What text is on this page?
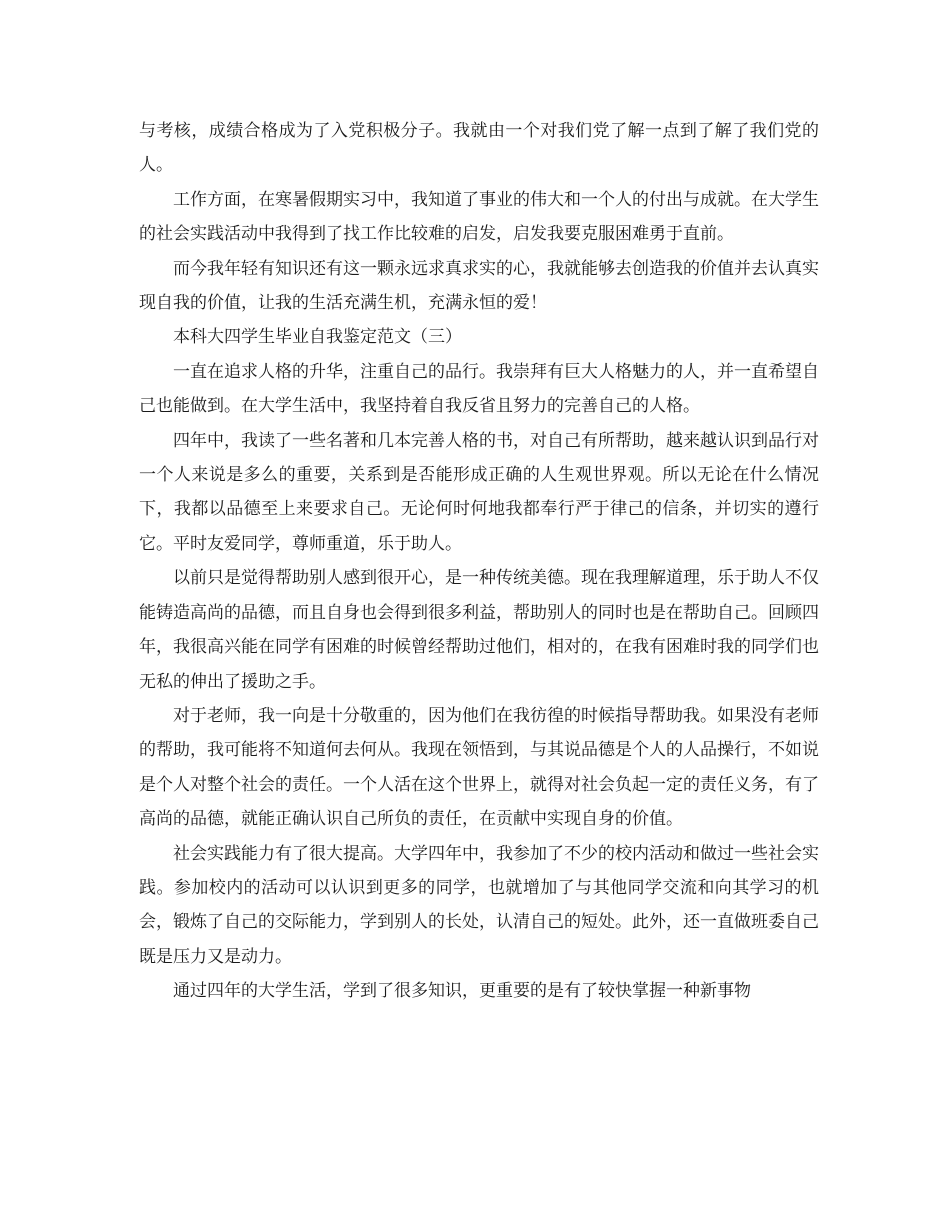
与考核，成绩合格成为了入党积极分子。我就由一个对我们党了解一点到了解了我们党的人。

工作方面，在寒暑假期实习中，我知道了事业的伟大和一个人的付出与成就。在大学生的社会实践活动中我得到了找工作比较难的启发，启发我要克服困难勇于直前。

而今我年轻有知识还有这一颗永远求真求实的心，我就能够去创造我的价值并去认真实现自我的价值，让我的生活充满生机，充满永恒的爱！

本科大四学生毕业自我鉴定范文（三）

一直在追求人格的升华，注重自己的品行。我崇拜有巨大人格魅力的人，并一直希望自己也能做到。在大学生活中，我坚持着自我反省且努力的完善自己的人格。

四年中，我读了一些名著和几本完善人格的书，对自己有所帮助，越来越认识到品行对一个人来说是多么的重要，关系到是否能形成正确的人生观世界观。所以无论在什么情况下，我都以品德至上来要求自己。无论何时何地我都奉行严于律己的信条，并切实的遵行它。平时友爱同学，尊师重道，乐于助人。

以前只是觉得帮助别人感到很开心，是一种传统美德。现在我理解道理，乐于助人不仅能铸造高尚的品德，而且自身也会得到很多利益，帮助别人的同时也是在帮助自己。回顾四年，我很高兴能在同学有困难的时候曾经帮助过他们，相对的，在我有困难时我的同学们也无私的伸出了援助之手。

对于老师，我一向是十分敬重的，因为他们在我彷徨的时候指导帮助我。如果没有老师的帮助，我可能将不知道何去何从。我现在领悟到，与其说品德是个人的人品操行，不如说是个人对整个社会的责任。一个人活在这个世界上，就得对社会负起一定的责任义务，有了高尚的品德，就能正确认识自己所负的责任，在贡献中实现自身的价值。

社会实践能力有了很大提高。大学四年中，我参加了不少的校内活动和做过一些社会实践。参加校内的活动可以认识到更多的同学，也就增加了与其他同学交流和向其学习的机会，锻炼了自己的交际能力，学到别人的长处，认清自己的短处。此外，还一直做班委自己既是压力又是动力。

通过四年的大学生活，学到了很多知识，更重要的是有了较快掌握一种新事物
